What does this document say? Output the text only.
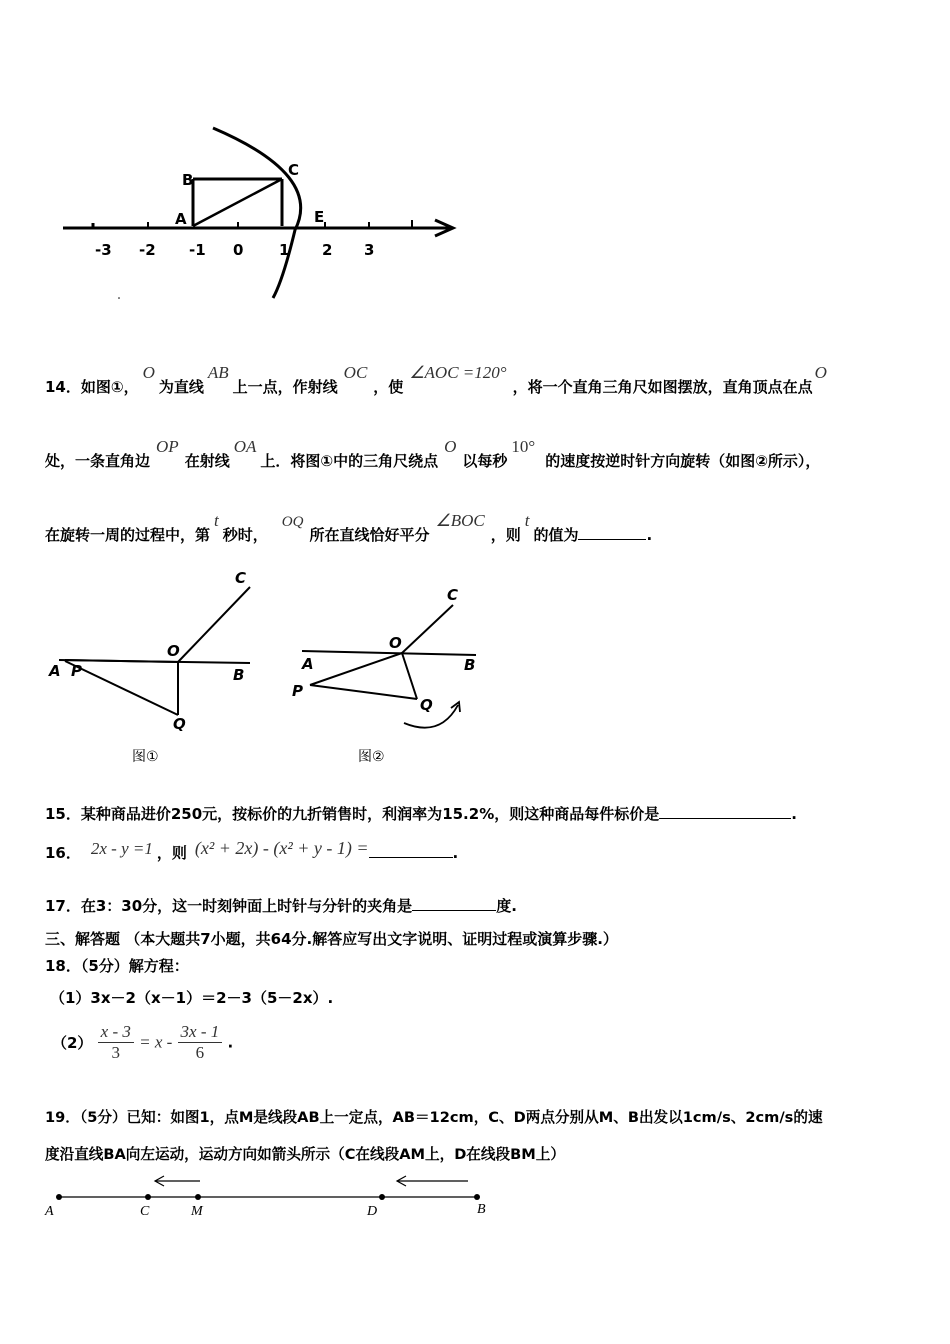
B
C
A	E
-3 -2 -1 0 1 2 3
14．如图①，O为直线AB上一点，作射线OC，使∠AOC =120°，将一个直角三角尺如图摆放，直角顶点在点O
处，一条直角边OP在射线OA上．将图①中的三角尺绕点O以每秒10°的速度按逆时针方向旋转（如图②所示），
在旋转一周的过程中，第t秒时，OQ所在直线恰好平分∠BOC，则t的值为	.
C
O
A P	B
Q
图①
C
O
A	B
P
Q
图②
15．某种商品进价250元，按标价的九折销售时，利润率为15.2%，则这种商品每件标价是	.
16． 2x - y =1 ，则 (x² + 2x) - (x² + y - 1) =	.
17．在3：30分，这一时刻钟面上时针与分针的夹角是	度.
三、解答题 （本大题共7小题，共64分.解答应写出文字说明、证明过程或演算步骤.）
18．（5分）解方程：
（1）3x－2（x－1）＝2－3（5－2x）.
$(2) \frac{x - 3}{3} = x - \frac{3x - 1}{6}$ .
19．（5分）已知：如图1，点M是线段AB上一定点，AB＝12cm，C、D两点分别从M、B出发以1cm/s、2cm/s的速
度沿直线BA向左运动，运动方向如箭头所示（C在线段AM上，D在线段BM上）
A	C	M	D	B
